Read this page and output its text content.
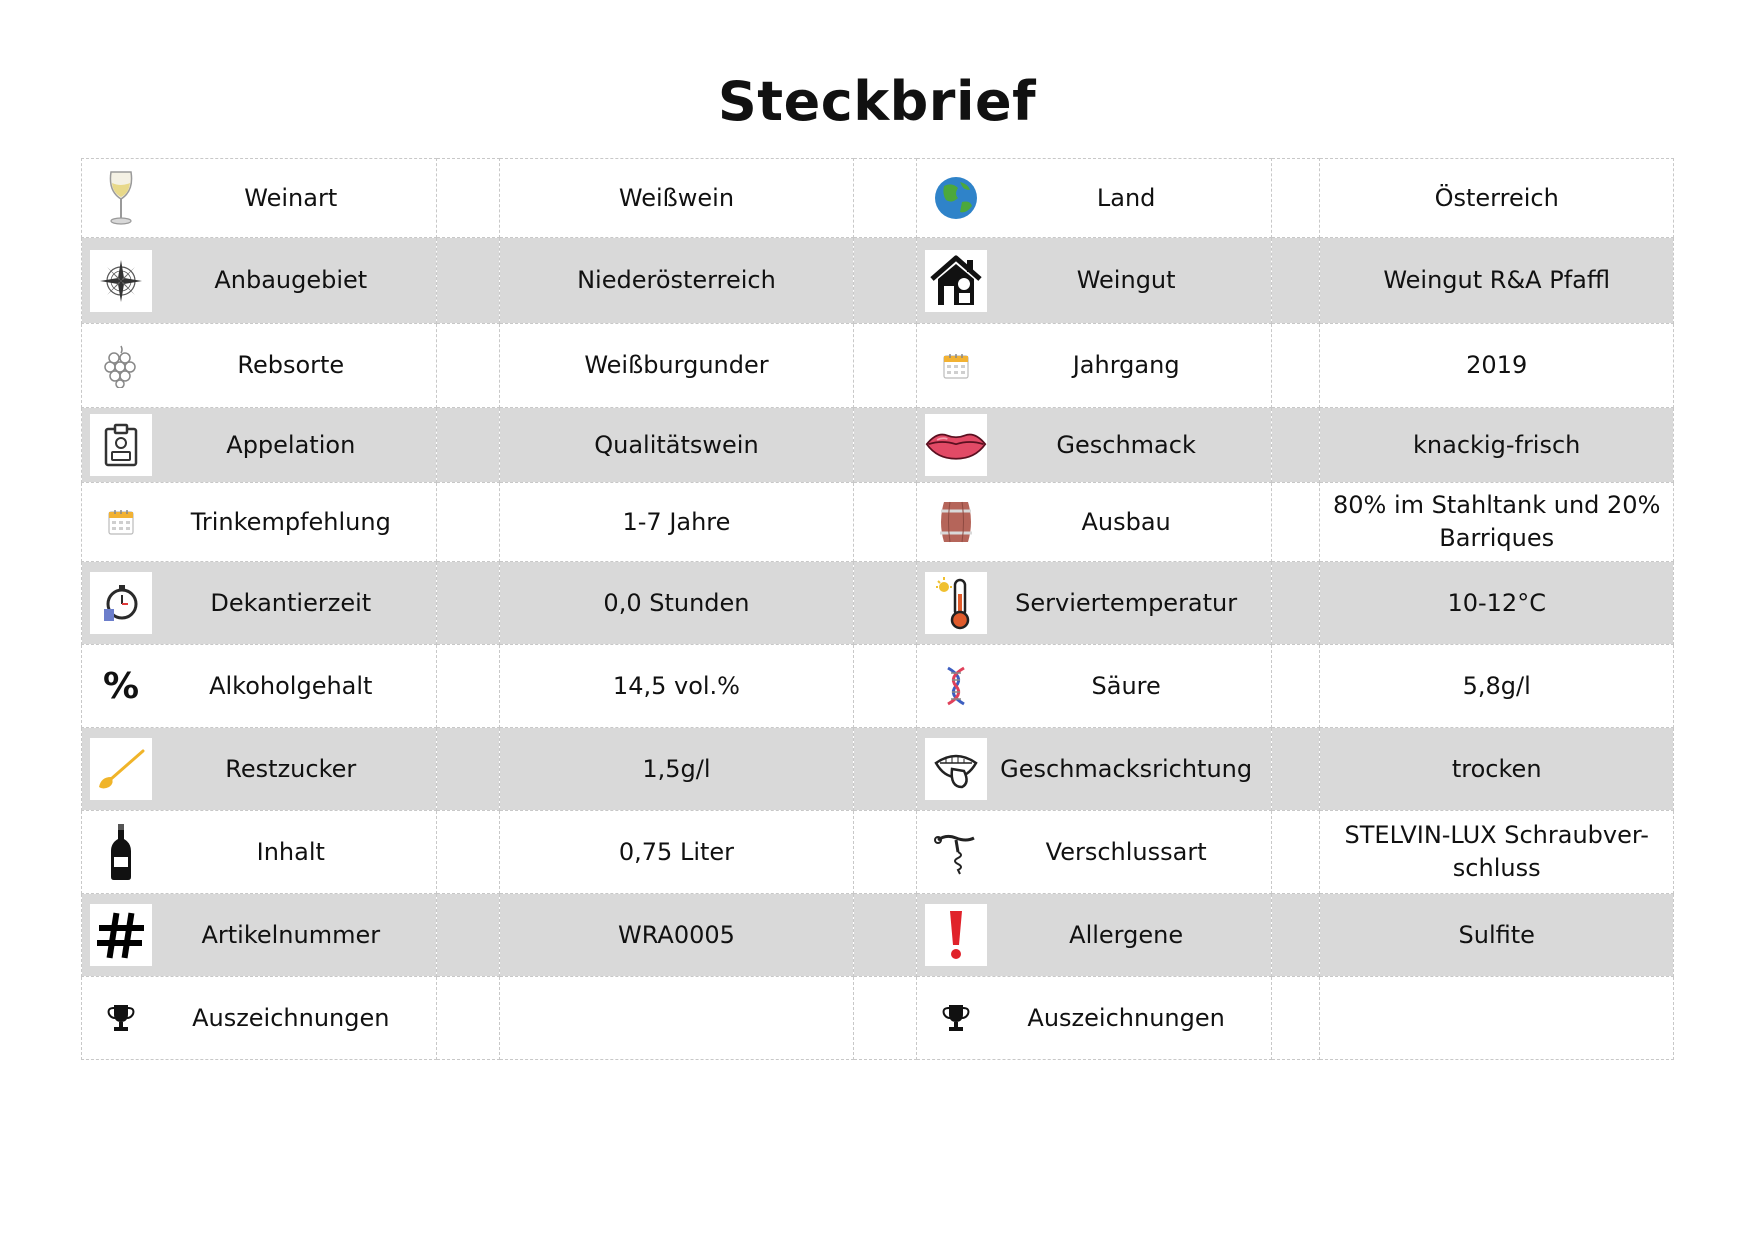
Steckbrief
Weinart		Weißwein		Land		Österreich

Anbaugebiet		Niederösterreich		Weingut		Weingut R&A Pfaffl

Rebsorte		Weißburgunder		Jahrgang		2019

Appelation		Qualitätswein		Geschmack		knackig-frisch

Trinkempfehlung		1-7 Jahre		Ausbau		80% im Stahltank und 20% Barriques

Dekantierzeit		0,0 Stunden		Serviertemperatur		10-12°C

% Alkoholgehalt		14,5 vol.%		Säure		5,8g/l

Restzucker		1,5g/l		Geschmacksrichtung		trocken

Inhalt		0,75 Liter		Verschlussart		STELVIN-LUX Schraubver-schluss

Artikelnummer		WRA0005		Allergene		Sulfite

Auszeichnungen				Auszeichnungen		
